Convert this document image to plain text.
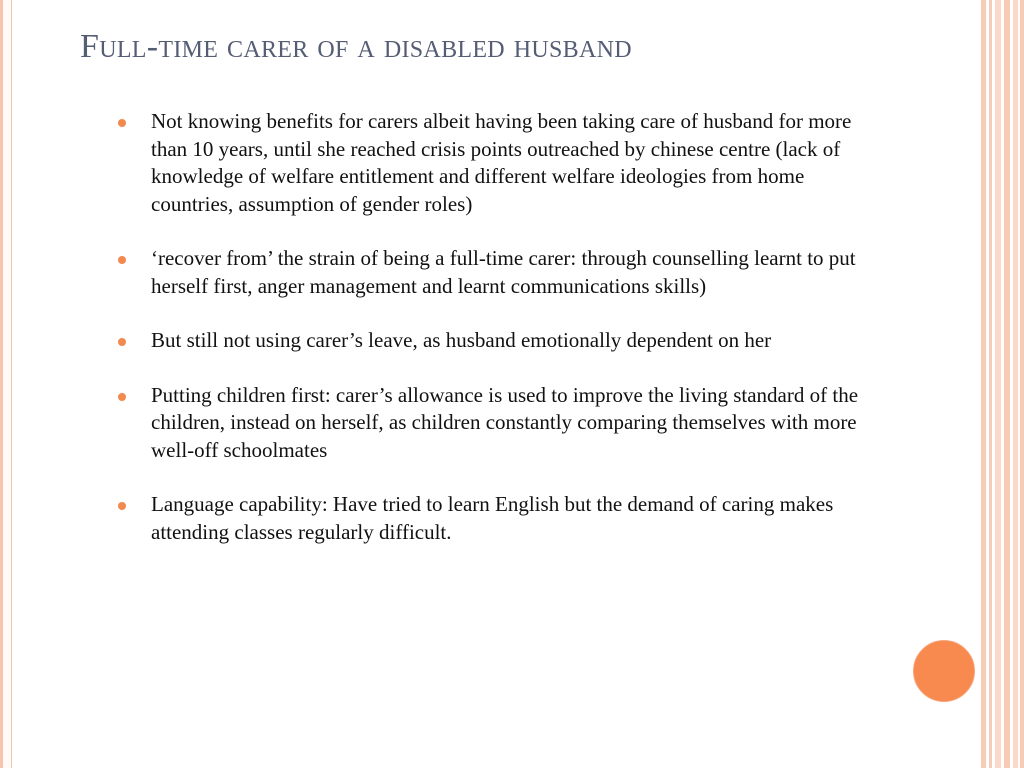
Full-time carer of a disabled husband
Not knowing benefits for carers albeit having been taking care of husband for more than 10 years, until she reached crisis points outreached by chinese centre (lack of knowledge of welfare entitlement and different welfare ideologies from home countries, assumption of gender roles)
‘recover from’ the strain of being a full-time carer: through counselling learnt to put herself first, anger management and learnt communications skills)
But still not using carer’s leave, as husband emotionally dependent on her
Putting children first: carer’s allowance is used to improve the living standard of the children, instead on herself, as children constantly comparing themselves with more well-off schoolmates
Language capability: Have tried to learn English but the demand of caring makes attending classes regularly difficult.
